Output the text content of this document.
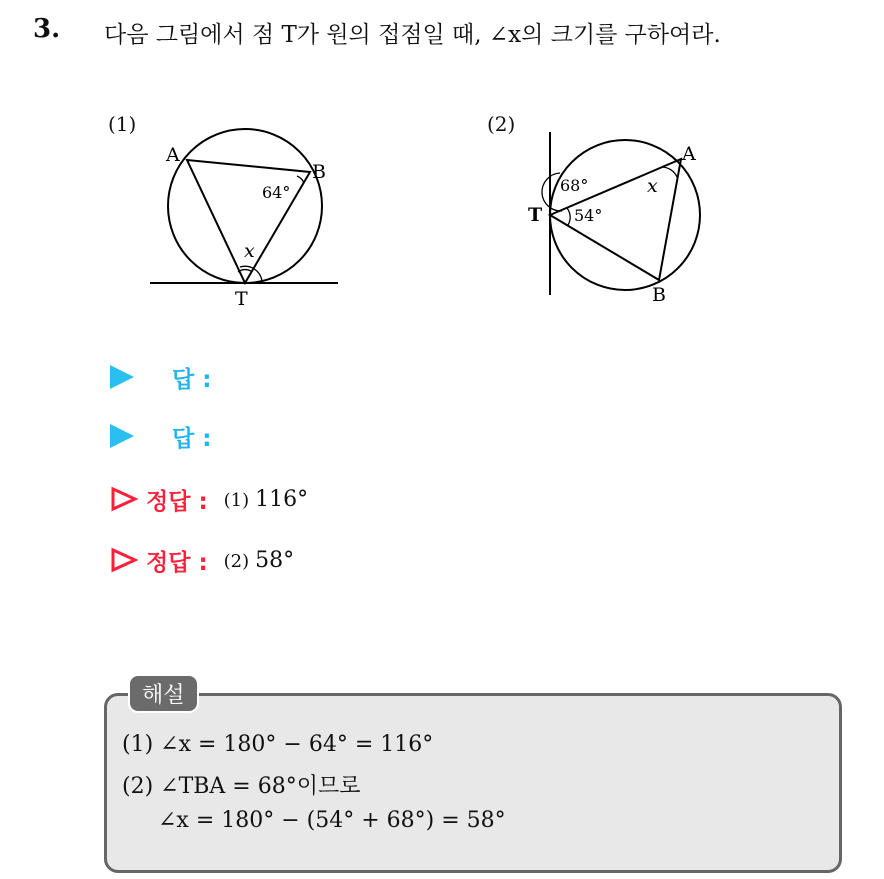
3. 다음 그림에서 점 T가 원의 접점일 때, ∠x의 크기를 구하여라.
(1)
A
B
T
64°
x
(2)
A
B
T
68°
54°
x
답 :
답 :
정답 : (1) 116°
정답 : (2) 58°
해설
(1) ∠x = 180° − 64° = 116°
(2) ∠TBA = 68°이므로
∠x = 180° − (54° + 68°) = 58°
